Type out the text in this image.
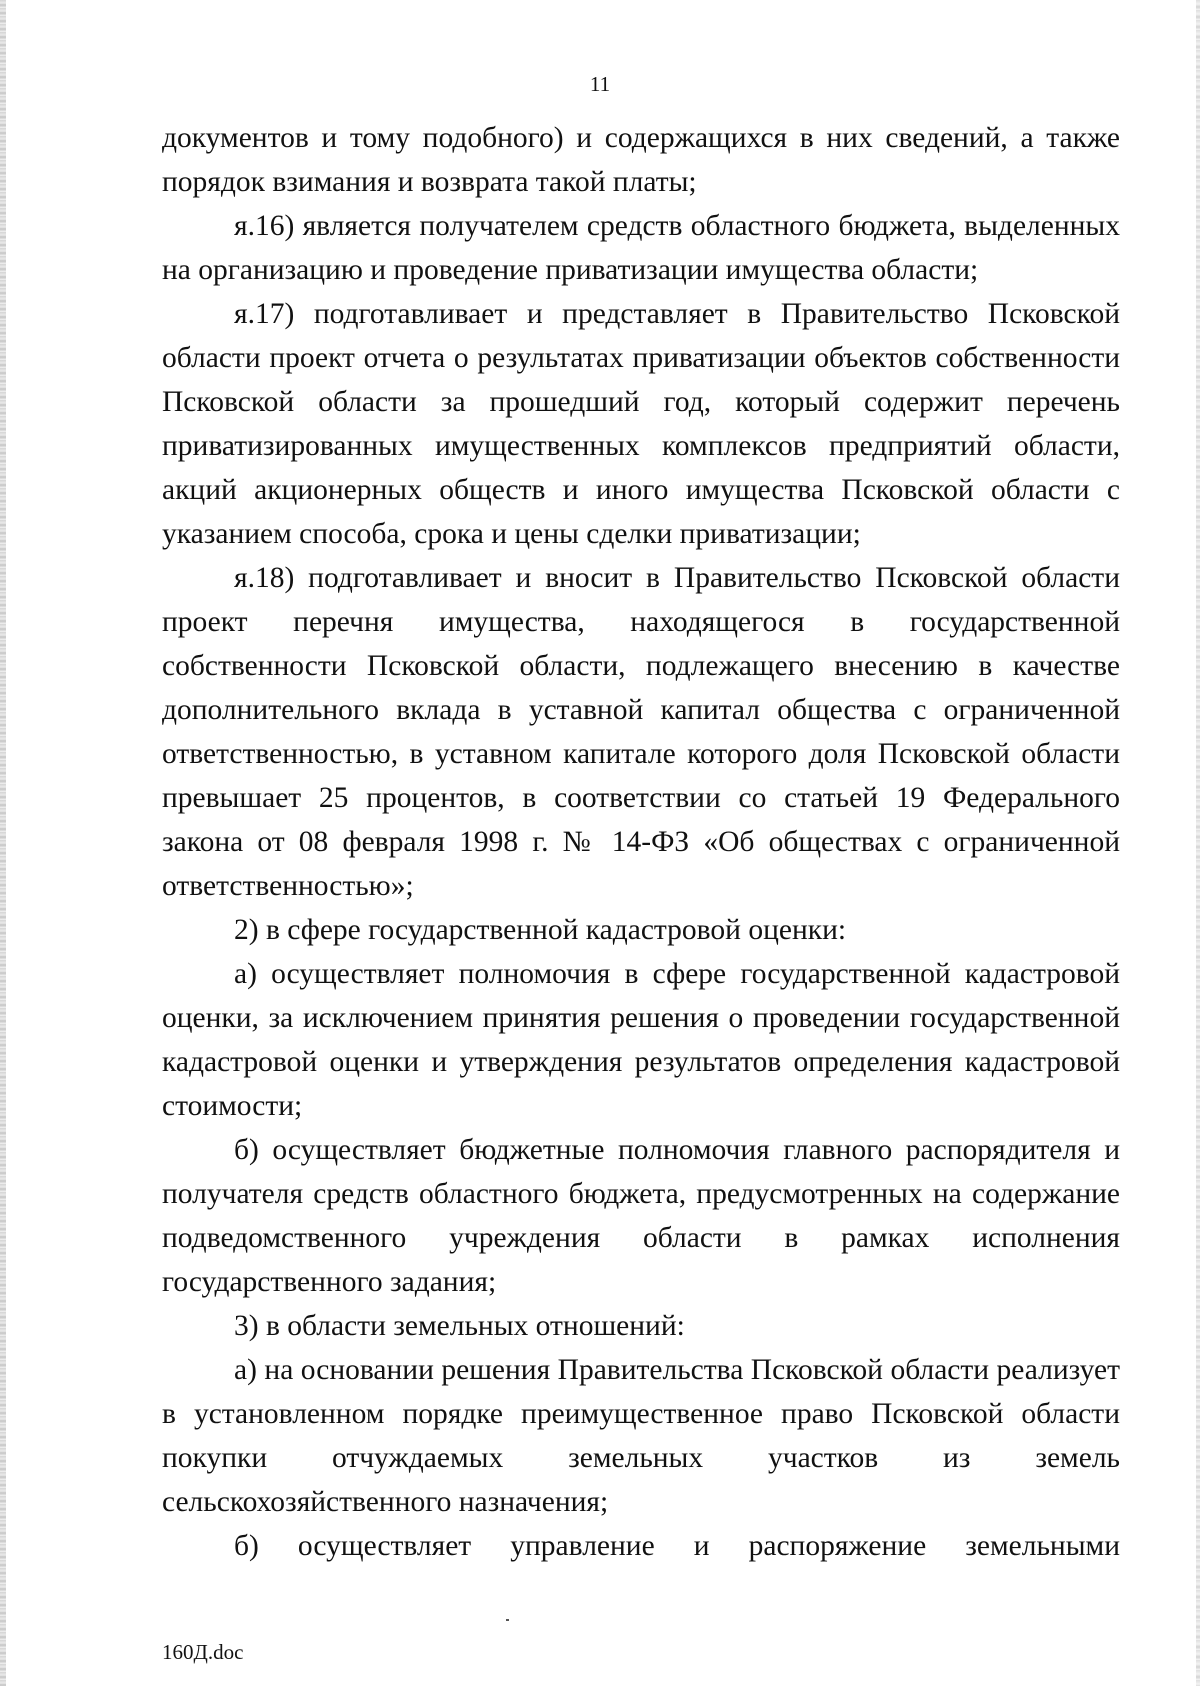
11

документов и тому подобного) и содержащихся в них сведений, а также порядок взимания и возврата такой платы;

я.16) является получателем средств областного бюджета, выделенных на организацию и проведение приватизации имущества области;

я.17) подготавливает и представляет в Правительство Псковской области проект отчета о результатах приватизации объектов собственности Псковской области за прошедший год, который содержит перечень приватизированных имущественных комплексов предприятий области, акций акционерных обществ и иного имущества Псковской области с указанием способа, срока и цены сделки приватизации;

я.18) подготавливает и вносит в Правительство Псковской области проект перечня имущества, находящегося в государственной собственности Псковской области, подлежащего внесению в качестве дополнительного вклада в уставной капитал общества с ограниченной ответственностью, в уставном капитале которого доля Псковской области превышает 25 процентов, в соответствии со статьей 19 Федерального закона от 08 февраля 1998 г. № 14-ФЗ «Об обществах с ограниченной ответственностью»;

2) в сфере государственной кадастровой оценки:

а) осуществляет полномочия в сфере государственной кадастровой оценки, за исключением принятия решения о проведении государственной кадастровой оценки и утверждения результатов определения кадастровой стоимости;

б) осуществляет бюджетные полномочия главного распорядителя и получателя средств областного бюджета, предусмотренных на содержание подведомственного учреждения области в рамках исполнения государственного задания;

3) в области земельных отношений:

а) на основании решения Правительства Псковской области реализует в установленном порядке преимущественное право Псковской области покупки отчуждаемых земельных участков из земель сельскохозяйственного назначения;

б) осуществляет управление и распоряжение земельными

160Д.doc
